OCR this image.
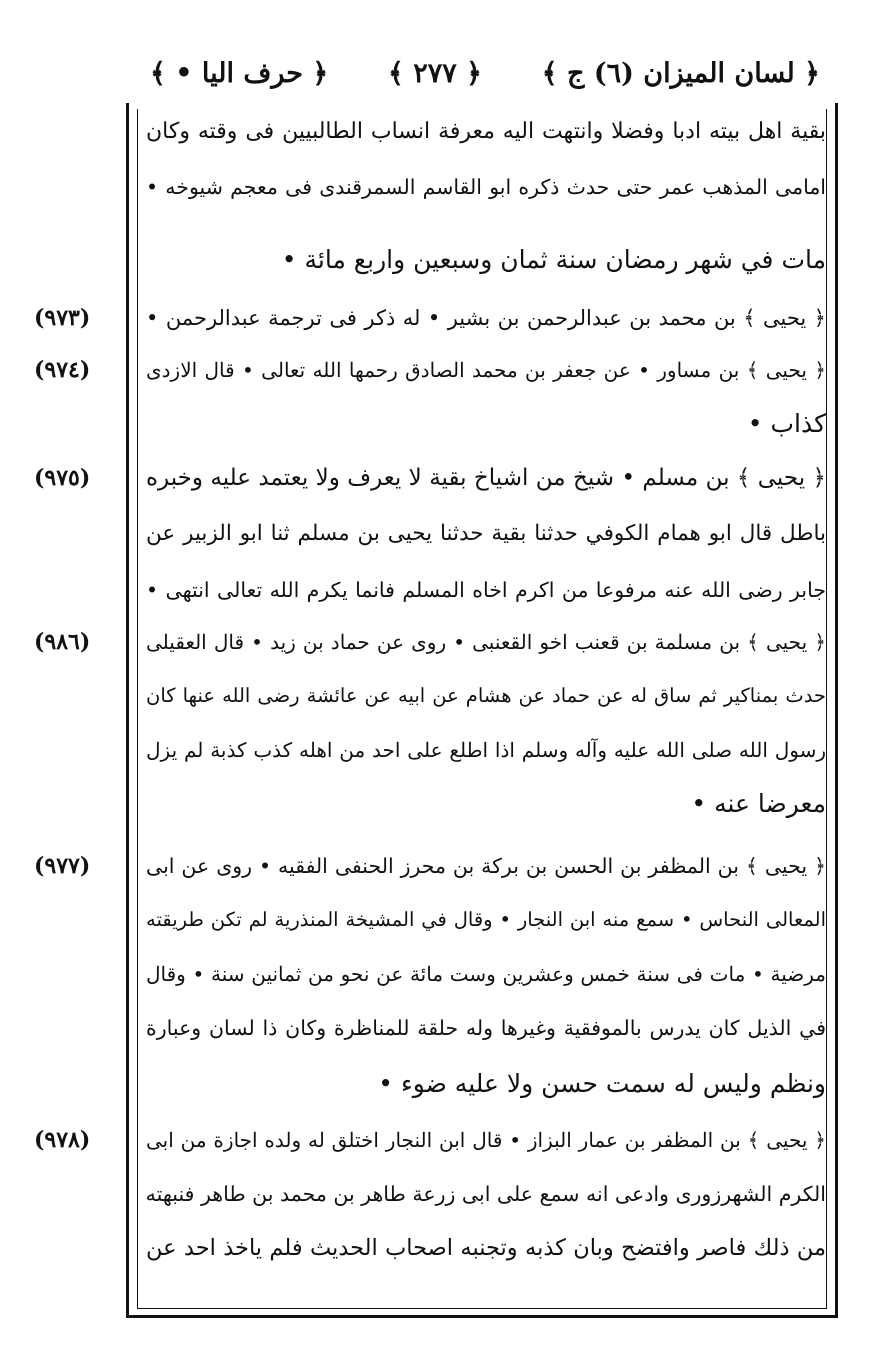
﴿ حرف اليا • ﴾ ﴿ ٢٧٧ ﴾ ﴿ لسان الميزان (٦) ج ﴾
بقية اهل بيته ادبا وفضلا وانتهت اليه معرفة انساب الطالبيين فى وقته وكان
امامى المذهب عمر حتى حدث ذكره ابو القاسم السمرقندى فى معجم شيوخه •
مات في شهر رمضان سنة ثمان وسبعين واربع مائة •
﴿ يحيى ﴾ بن محمد بن عبدالرحمن بن بشير • له ذكر فى ترجمة عبدالرحمن •
﴿ يحيى ﴾ بن مساور • عن جعفر بن محمد الصادق رحمها الله تعالى • قال الازدى
كذاب •
﴿ يحيى ﴾ بن مسلم • شيخ من اشياخ بقية لا يعرف ولا يعتمد عليه وخبره
باطل قال ابو همام الكوفي حدثنا بقية حدثنا يحيى بن مسلم ثنا ابو الزبير عن
جابر رضى الله عنه مرفوعا من اكرم اخاه المسلم فانما يكرم الله تعالى انتهى •
﴿ يحيى ﴾ بن مسلمة بن قعنب اخو القعنبى • روى عن حماد بن زيد • قال العقيلى
حدث بمناكير ثم ساق له عن حماد عن هشام عن ابيه عن عائشة رضى الله عنها كان
رسول الله صلى الله عليه وآله وسلم اذا اطلع على احد من اهله كذب كذبة لم يزل
معرضا عنه •
﴿ يحيى ﴾ بن المظفر بن الحسن بن بركة بن محرز الحنفى الفقيه • روى عن ابى
المعالى النحاس • سمع منه ابن النجار • وقال في المشيخة المنذرية لم تكن طريقته
مرضية • مات فى سنة خمس وعشرين وست مائة عن نحو من ثمانين سنة • وقال
في الذيل كان يدرس بالموفقية وغيرها وله حلقة للمناظرة وكان ذا لسان وعبارة
ونظم وليس له سمت حسن ولا عليه ضوء •
﴿ يحيى ﴾ بن المظفر بن عمار البزاز • قال ابن النجار اختلق له ولده اجازة من ابى
الكرم الشهرزورى وادعى انه سمع على ابى زرعة طاهر بن محمد بن طاهر فنبهته
من ذلك فاصر وافتضح وبان كذبه وتجنبه اصحاب الحديث فلم ياخذ احد عن
(٩٧٣)
(٩٧٤)
(٩٧٥)
(٩٨٦)
(٩٧٧)
(٩٧٨)
